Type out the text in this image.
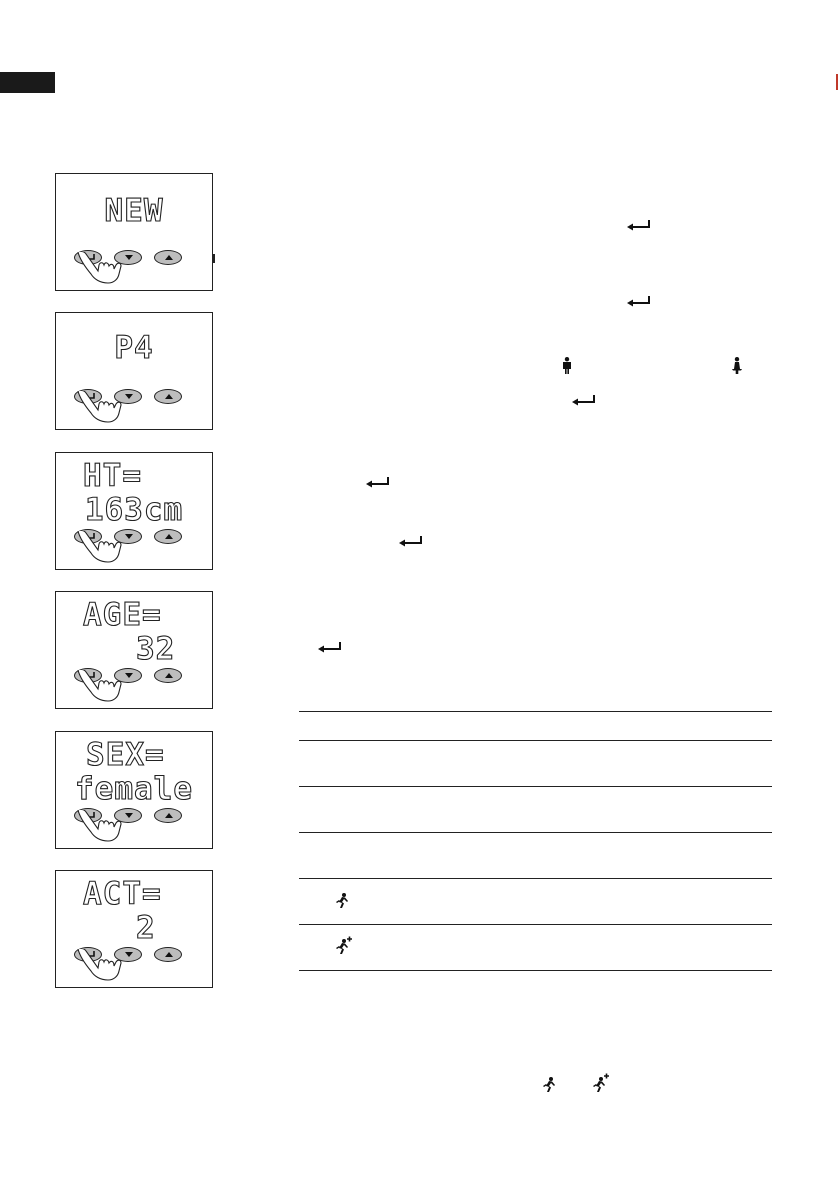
NEW
P4
HT=
163cm
AGE=
32
SEX=
female
ACT=
2
